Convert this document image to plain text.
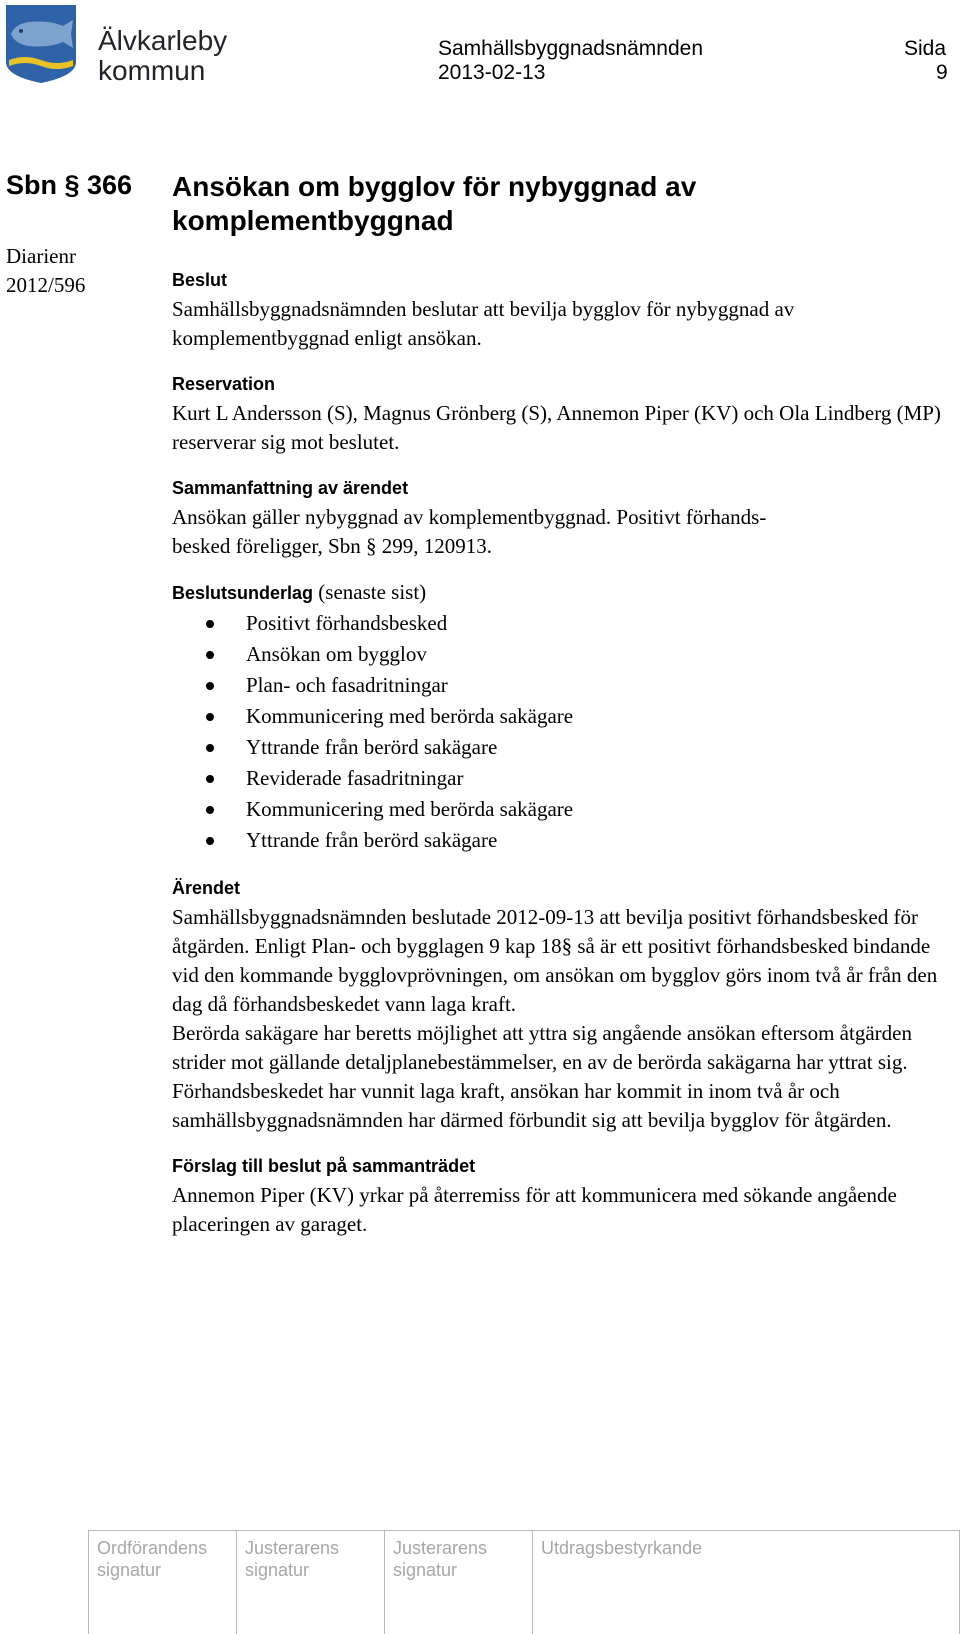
Älvkarleby
kommun
Samhällsbyggnadsnämnden
2013-02-13
Sida
9
Sbn § 366
Diarienr
2012/596
Ansökan om bygglov för nybyggnad av komplementbyggnad
Beslut
Samhällsbyggnadsnämnden beslutar att bevilja bygglov för nybyggnad av komplementbyggnad enligt ansökan.
Reservation
Kurt L Andersson (S), Magnus Grönberg (S), Annemon Piper (KV) och Ola Lindberg (MP) reserverar sig mot beslutet.
Sammanfattning av ärendet
Ansökan gäller nybyggnad av komplementbyggnad. Positivt förhands-
besked föreligger, Sbn § 299, 120913.
Beslutsunderlag (senaste sist)
Positivt förhandsbesked
Ansökan om bygglov
Plan- och fasadritningar
Kommunicering med berörda sakägare
Yttrande från berörd sakägare
Reviderade fasadritningar
Kommunicering med berörda sakägare
Yttrande från berörd sakägare
Ärendet
Samhällsbyggnadsnämnden beslutade 2012-09-13 att bevilja positivt förhandsbesked för åtgärden. Enligt Plan- och bygglagen 9 kap 18§ så är ett positivt förhandsbesked bindande vid den kommande bygglovprövningen, om ansökan om bygglov görs inom två år från den dag då förhandsbeskedet vann laga kraft.
Berörda sakägare har beretts möjlighet att yttra sig angående ansökan eftersom åtgärden strider mot gällande detaljplanebestämmelser, en av de berörda sakägarna har yttrat sig.
Förhandsbeskedet har vunnit laga kraft, ansökan har kommit in inom två år och samhällsbyggnadsnämnden har därmed förbundit sig att bevilja bygglov för åtgärden.
Förslag till beslut på sammanträdet
Annemon Piper (KV) yrkar på återremiss för att kommunicera med sökande angående placeringen av garaget.
Ordförandens
signatur
Justerarens
signatur
Justerarens
signatur
Utdragsbestyrkande
